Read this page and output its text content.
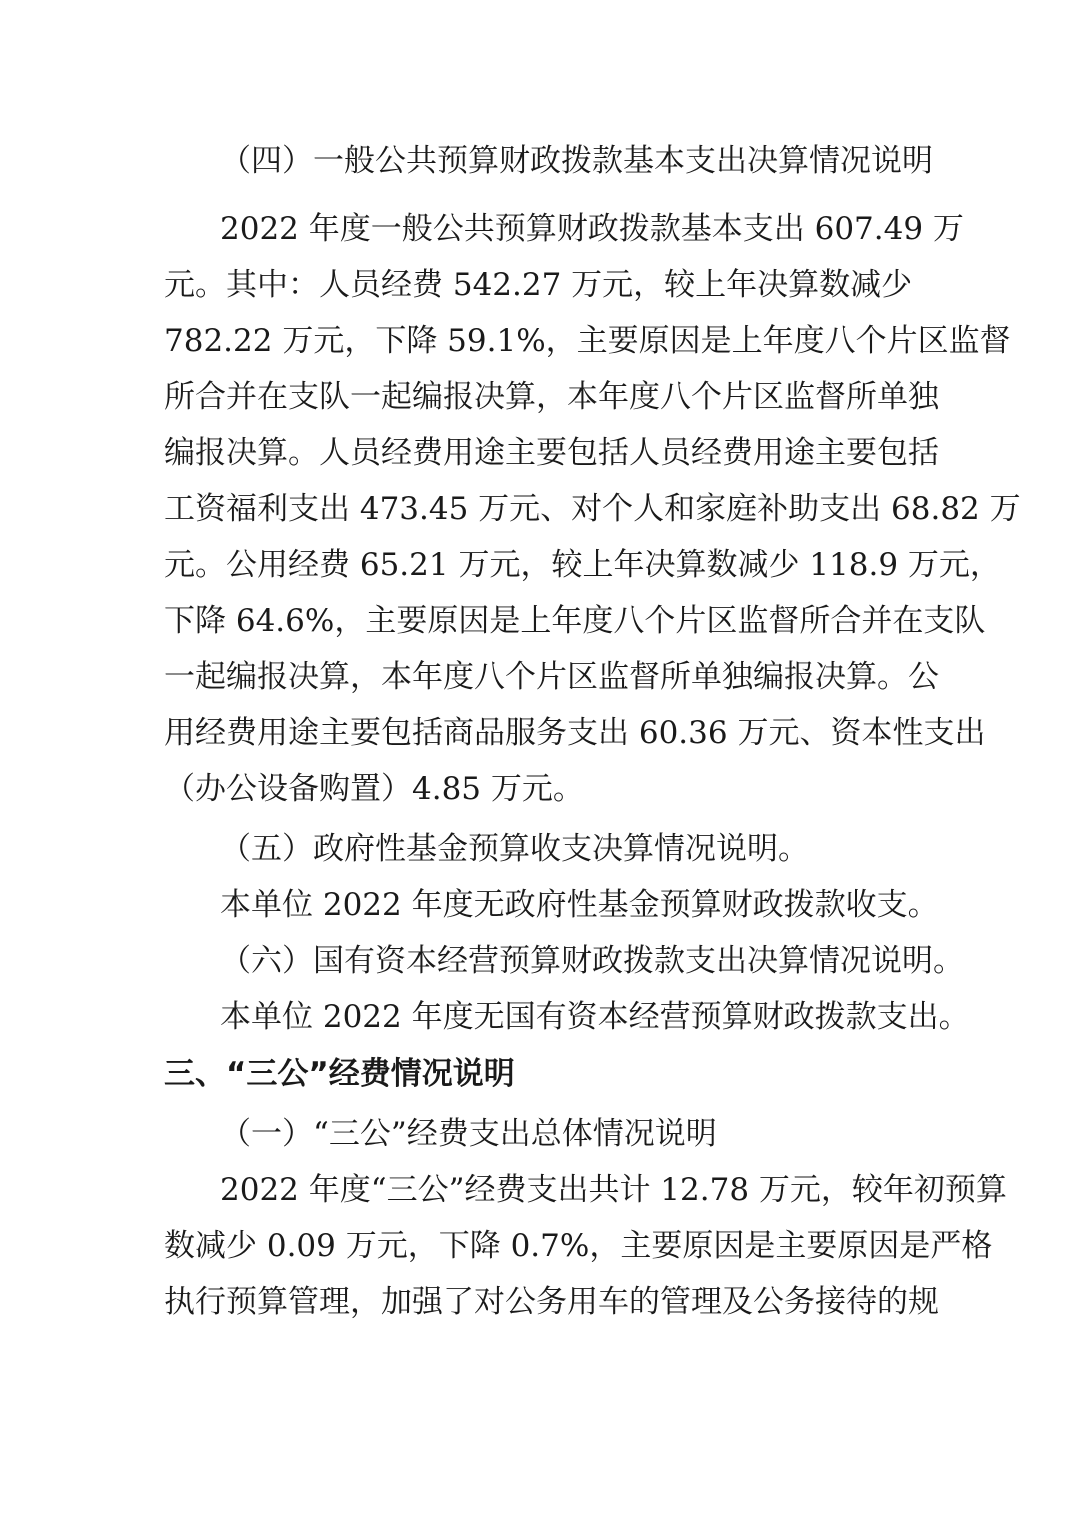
（四）一般公共预算财政拨款基本支出决算情况说明
2022 年度一般公共预算财政拨款基本支出 607.49 万
元。其中：人员经费 542.27 万元，较上年决算数减少
782.22 万元，下降 59.1%，主要原因是上年度八个片区监督
所合并在支队一起编报决算，本年度八个片区监督所单独
编报决算。人员经费用途主要包括人员经费用途主要包括
工资福利支出 473.45 万元、对个人和家庭补助支出 68.82 万
元。公用经费 65.21 万元，较上年决算数减少 118.9 万元，
下降 64.6%，主要原因是上年度八个片区监督所合并在支队
一起编报决算，本年度八个片区监督所单独编报决算。公
用经费用途主要包括商品服务支出 60.36 万元、资本性支出
（办公设备购置）4.85 万元。
（五）政府性基金预算收支决算情况说明。
本单位 2022 年度无政府性基金预算财政拨款收支。
（六）国有资本经营预算财政拨款支出决算情况说明。
本单位 2022 年度无国有资本经营预算财政拨款支出。
三、“三公”经费情况说明
（一）“三公”经费支出总体情况说明
2022 年度“三公”经费支出共计 12.78 万元，较年初预算
数减少 0.09 万元，下降 0.7%，主要原因是主要原因是严格
执行预算管理，加强了对公务用车的管理及公务接待的规
